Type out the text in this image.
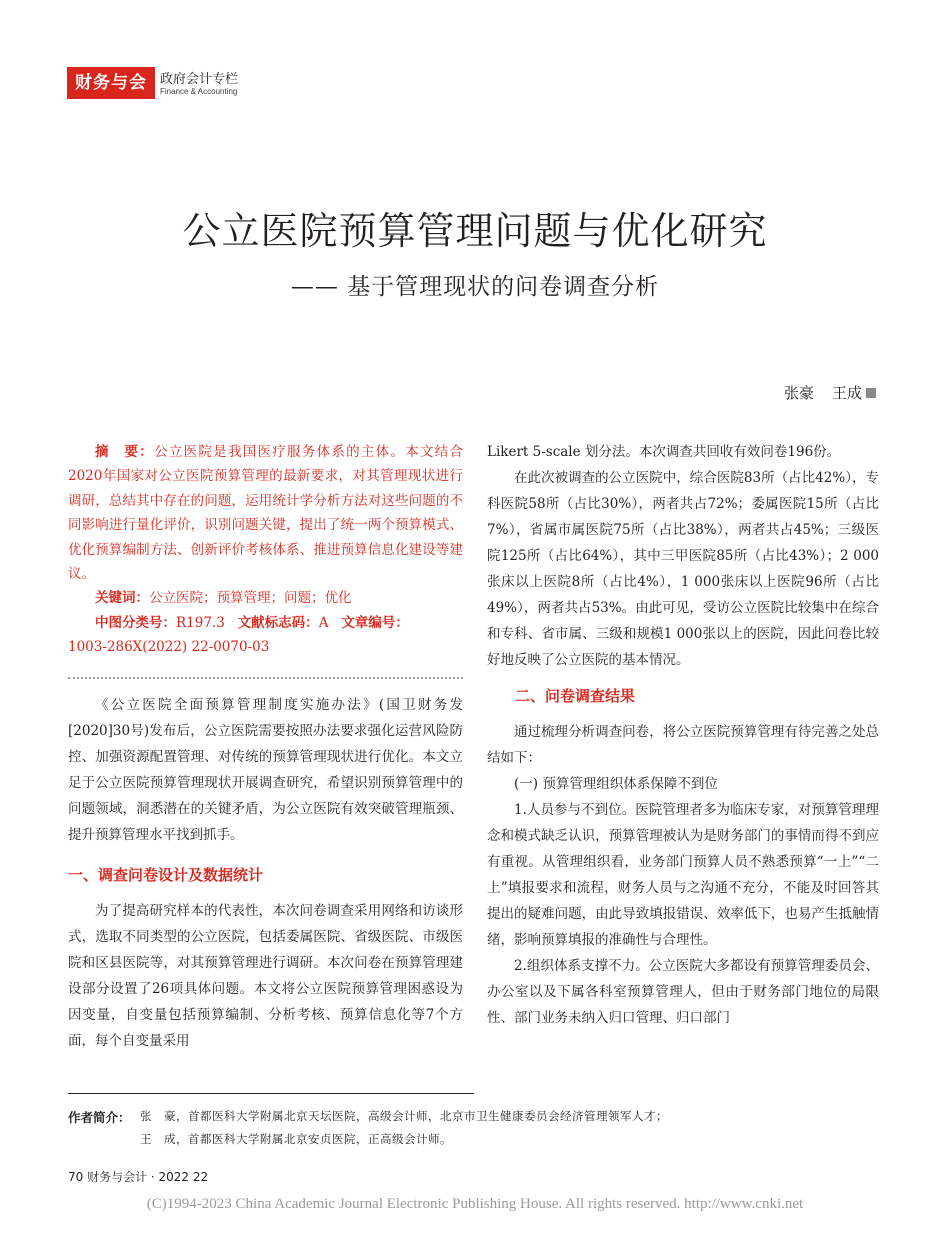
财务与会计
政府会计专栏
Finance & Accounting
公立医院预算管理问题与优化研究
—— 基于管理现状的问卷调查分析
张豪 王成

摘　要：公立医院是我国医疗服务体系的主体。本文结合2020年国家对公立医院预算管理的最新要求，对其管理现状进行调研，总结其中存在的问题，运用统计学分析方法对这些问题的不同影响进行量化评价，识别问题关键，提出了统一两个预算模式、优化预算编制方法、创新评价考核体系、推进预算信息化建设等建议。

关键词：公立医院；预算管理；问题；优化

中图分类号：R197.3 文献标志码：A 文章编号：

1003-286X(2022) 22-0070-03

《公立医院全面预算管理制度实施办法》(国卫财务发[2020]30号)发布后，公立医院需要按照办法要求强化运营风险防控、加强资源配置管理、对传统的预算管理现状进行优化。本文立足于公立医院预算管理现状开展调查研究，希望识别预算管理中的问题领域，洞悉潜在的关键矛盾，为公立医院有效突破管理瓶颈、提升预算管理水平找到抓手。

一、调查问卷设计及数据统计

为了提高研究样本的代表性，本次问卷调查采用网络和访谈形式，选取不同类型的公立医院，包括委属医院、省级医院、市级医院和区县医院等，对其预算管理进行调研。本次问卷在预算管理建设部分设置了26项具体问题。本文将公立医院预算管理困惑设为因变量，自变量包括预算编制、分析考核、预算信息化等7个方面，每个自变量采用

Likert 5-scale 划分法。本次调查共回收有效问卷196份。

在此次被调查的公立医院中，综合医院83所（占比42%），专科医院58所（占比30%），两者共占72%；委属医院15所（占比7%），省属市属医院75所（占比38%），两者共占45%；三级医院125所（占比64%），其中三甲医院85所（占比43%）；2 000张床以上医院8所（占比4%），1 000张床以上医院96所（占比49%），两者共占53%。由此可见，受访公立医院比较集中在综合和专科、省市属、三级和规模1 000张以上的医院，因此问卷比较好地反映了公立医院的基本情况。

二、问卷调查结果

通过梳理分析调查问卷，将公立医院预算管理有待完善之处总结如下：

(一) 预算管理组织体系保障不到位

1.人员参与不到位。医院管理者多为临床专家，对预算管理理念和模式缺乏认识，预算管理被认为是财务部门的事情而得不到应有重视。从管理组织看，业务部门预算人员不熟悉预算“一上”“二上”填报要求和流程，财务人员与之沟通不充分，不能及时回答其提出的疑难问题，由此导致填报错误、效率低下，也易产生抵触情绪，影响预算填报的准确性与合理性。

2.组织体系支撑不力。公立医院大多都设有预算管理委员会、办公室以及下属各科室预算管理人，但由于财务部门地位的局限性、部门业务未纳入归口管理、归口部门

作者简介： 张　豪，首都医科大学附属北京天坛医院，高级会计师，北京市卫生健康委员会经济管理领军人才；
王　成，首都医科大学附属北京安贞医院，正高级会计师。
70 财务与会计 · 2022 22
(C)1994-2023 China Academic Journal Electronic Publishing House. All rights reserved. http://www.cnki.net
